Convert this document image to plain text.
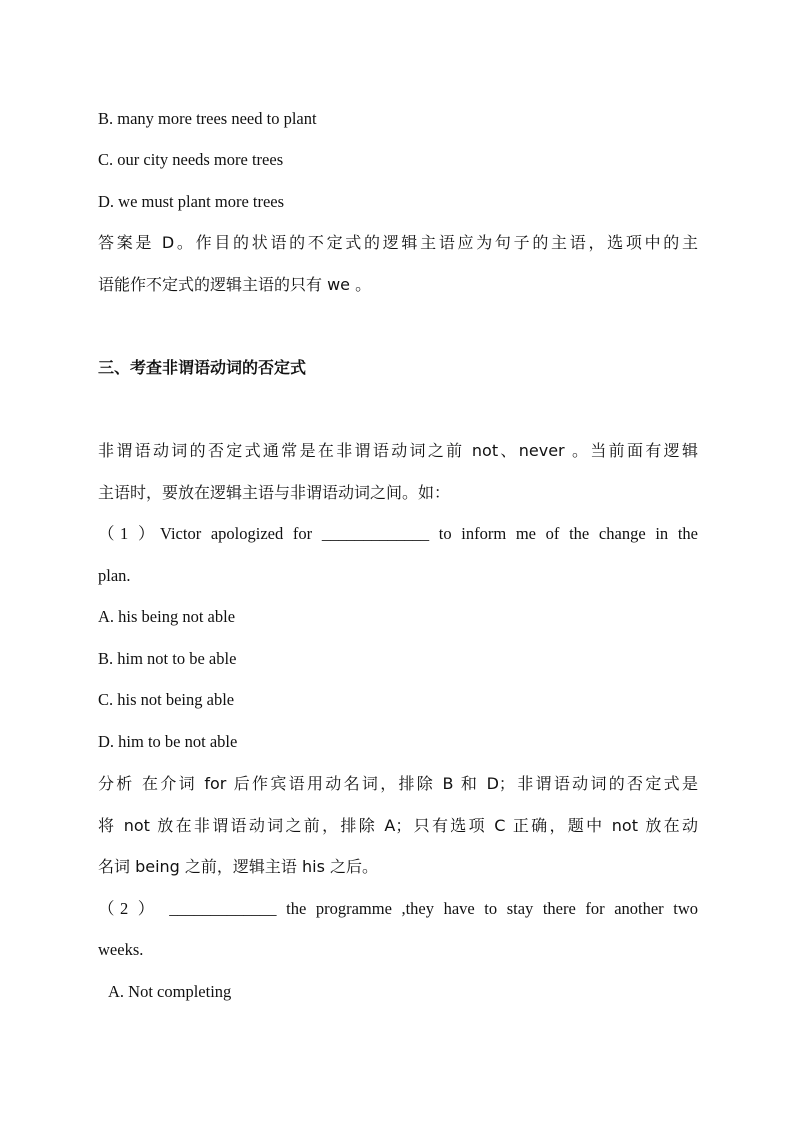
B. many more trees need to plant
C. our city needs more trees
D. we must plant more trees
答案是 D。作目的状语的不定式的逻辑主语应为句子的主语，选项中的主
语能作不定式的逻辑主语的只有 we 。
三、考查非谓语动词的否定式
非谓语动词的否定式通常是在非谓语动词之前 not、never 。当前面有逻辑
主语时，要放在逻辑主语与非谓语动词之间。如：
（1 ）Victor apologized for _____________ to inform me of the change in the
plan.
A. his being not able
B. him not to be able
C. his not being able
D. him to be not able
分析 在介词 for 后作宾语用动名词，排除 B 和 D；非谓语动词的否定式是
将 not 放在非谓语动词之前，排除 A；只有选项 C 正确，题中 not 放在动
名词 being 之前，逻辑主语 his 之后。
（2 ） _____________ the programme ,they have to stay there for another two
weeks.
A. Not completing
